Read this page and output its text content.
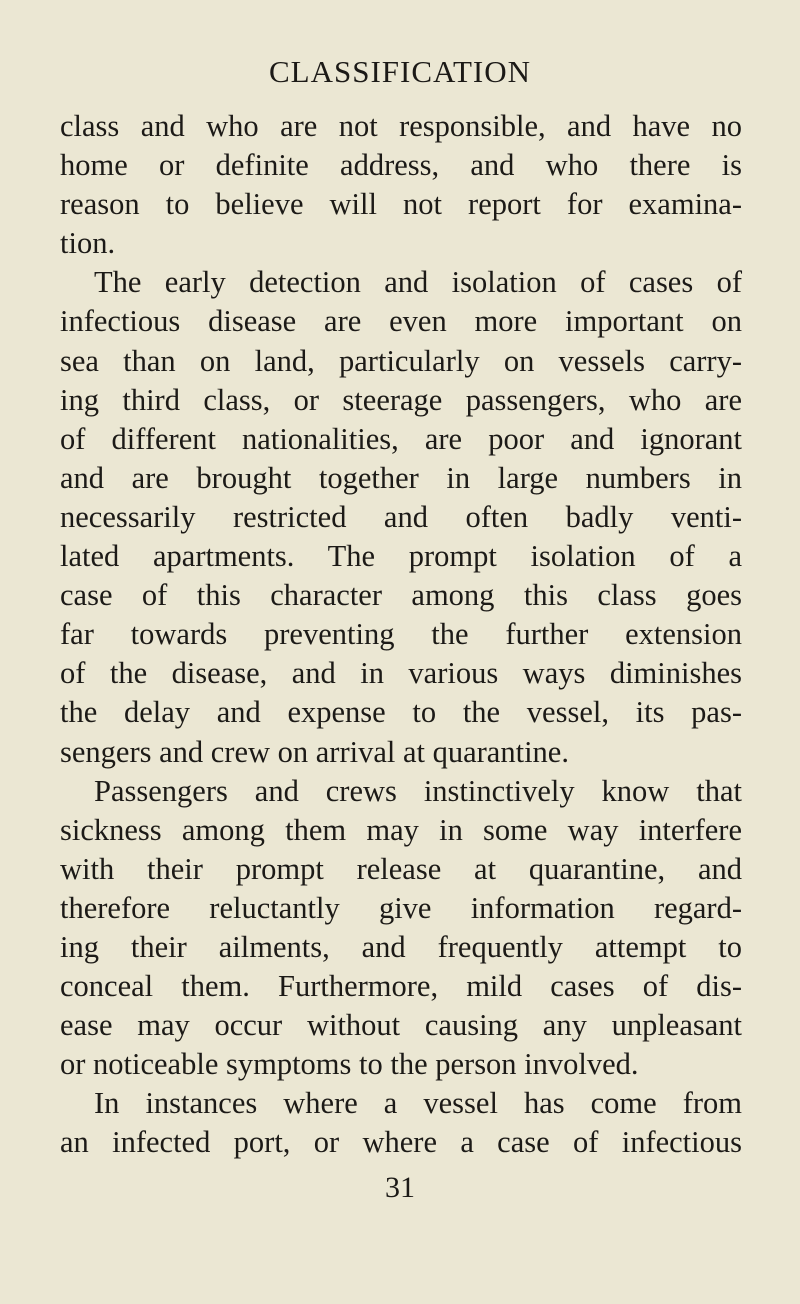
CLASSIFICATION
class and who are not responsible, and have no
home or definite address, and who there is
reason to believe will not report for examina-
tion.
The early detection and isolation of cases of
infectious disease are even more important on
sea than on land, particularly on vessels carry-
ing third class, or steerage passengers, who are
of different nationalities, are poor and ignorant
and are brought together in large numbers in
necessarily restricted and often badly venti-
lated apartments. The prompt isolation of a
case of this character among this class goes
far towards preventing the further extension
of the disease, and in various ways diminishes
the delay and expense to the vessel, its pas-
sengers and crew on arrival at quarantine.
Passengers and crews instinctively know that
sickness among them may in some way interfere
with their prompt release at quarantine, and
therefore reluctantly give information regard-
ing their ailments, and frequently attempt to
conceal them. Furthermore, mild cases of dis-
ease may occur without causing any unpleasant
or noticeable symptoms to the person involved.
In instances where a vessel has come from
an infected port, or where a case of infectious
31
